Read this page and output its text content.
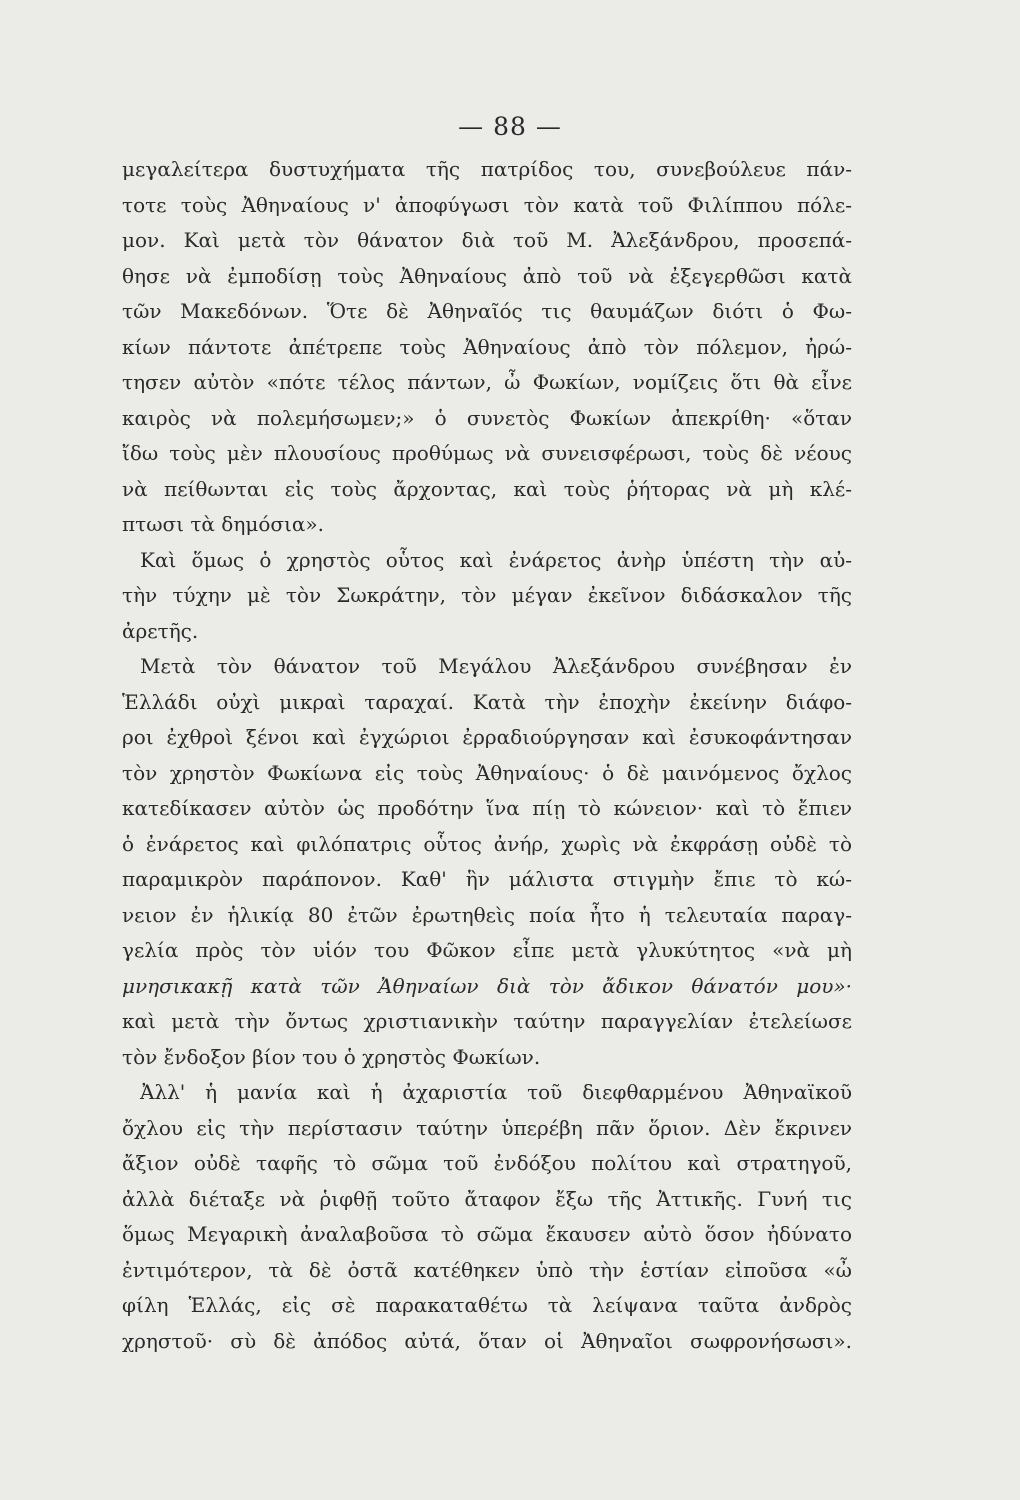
— 88 —
μεγαλείτερα δυστυχήματα τῆς πατρίδος του, συνεβούλευε πάν-
τοτε τοὺς Ἀθηναίους ν' ἀποφύγωσι τὸν κατὰ τοῦ Φιλίππου πόλε-
μον. Καὶ μετὰ τὸν θάνατον διὰ τοῦ Μ. Ἀλεξάνδρου, προσεπά-
θησε νὰ ἐμποδίσῃ τοὺς Ἀθηναίους ἀπὸ τοῦ νὰ ἐξεγερθῶσι κατὰ
τῶν Μακεδόνων. Ὅτε δὲ Ἀθηναῖός τις θαυμάζων διότι ὁ Φω-
κίων πάντοτε ἀπέτρεπε τοὺς Ἀθηναίους ἀπὸ τὸν πόλεμον, ἠρώ-
τησεν αὐτὸν «πότε τέλος πάντων, ὦ Φωκίων, νομίζεις ὅτι θὰ εἶνε
καιρὸς νὰ πολεμήσωμεν;» ὁ συνετὸς Φωκίων ἀπεκρίθη· «ὅταν
ἴδω τοὺς μὲν πλουσίους προθύμως νὰ συνεισφέρωσι, τοὺς δὲ νέους
νὰ πείθωνται εἰς τοὺς ἄρχοντας, καὶ τοὺς ῥήτορας νὰ μὴ κλέ-
πτωσι τὰ δημόσια».
Καὶ ὅμως ὁ χρηστὸς οὗτος καὶ ἐνάρετος ἀνὴρ ὑπέστη τὴν αὐ-
τὴν τύχην μὲ τὸν Σωκράτην, τὸν μέγαν ἐκεῖνον διδάσκαλον τῆς
ἀρετῆς.
Μετὰ τὸν θάνατον τοῦ Μεγάλου Ἀλεξάνδρου συνέβησαν ἐν
Ἑλλάδι οὐχὶ μικραὶ ταραχαί. Κατὰ τὴν ἐποχὴν ἐκείνην διάφο-
ροι ἐχθροὶ ξένοι καὶ ἐγχώριοι ἐρραδιούργησαν καὶ ἐσυκοφάντησαν
τὸν χρηστὸν Φωκίωνα εἰς τοὺς Ἀθηναίους· ὁ δὲ μαινόμενος ὄχλος
κατεδίκασεν αὐτὸν ὡς προδότην ἵνα πίῃ τὸ κώνειον· καὶ τὸ ἔπιεν
ὁ ἐνάρετος καὶ φιλόπατρις οὗτος ἀνήρ, χωρὶς νὰ ἐκφράσῃ οὐδὲ τὸ
παραμικρὸν παράπονον. Καθ' ἣν μάλιστα στιγμὴν ἔπιε τὸ κώ-
νειον ἐν ἡλικίᾳ 80 ἐτῶν ἐρωτηθεὶς ποία ἦτο ἡ τελευταία παραγ-
γελία πρὸς τὸν υἱόν του Φῶκον εἶπε μετὰ γλυκύτητος «νὰ μὴ
μνησικακῇ κατὰ τῶν Ἀθηναίων διὰ τὸν ἄδικον θάνατόν μου»·
καὶ μετὰ τὴν ὄντως χριστιανικὴν ταύτην παραγγελίαν ἐτελείωσε
τὸν ἔνδοξον βίον του ὁ χρηστὸς Φωκίων.
Ἀλλ' ἡ μανία καὶ ἡ ἀχαριστία τοῦ διεφθαρμένου Ἀθηναϊκοῦ
ὄχλου εἰς τὴν περίστασιν ταύτην ὑπερέβη πᾶν ὅριον. Δὲν ἔκρινεν
ἄξιον οὐδὲ ταφῆς τὸ σῶμα τοῦ ἐνδόξου πολίτου καὶ στρατηγοῦ,
ἀλλὰ διέταξε νὰ ῥιφθῇ τοῦτο ἄταφον ἔξω τῆς Ἀττικῆς. Γυνή τις
ὅμως Μεγαρικὴ ἀναλαβοῦσα τὸ σῶμα ἔκαυσεν αὐτὸ ὅσον ἠδύνατο
ἐντιμότερον, τὰ δὲ ὀστᾶ κατέθηκεν ὑπὸ τὴν ἑστίαν εἰποῦσα «ὦ
φίλη Ἑλλάς, εἰς σὲ παρακαταθέτω τὰ λείψανα ταῦτα ἀνδρὸς
χρηστοῦ· σὺ δὲ ἀπόδος αὐτά, ὅταν οἱ Ἀθηναῖοι σωφρονήσωσι».
